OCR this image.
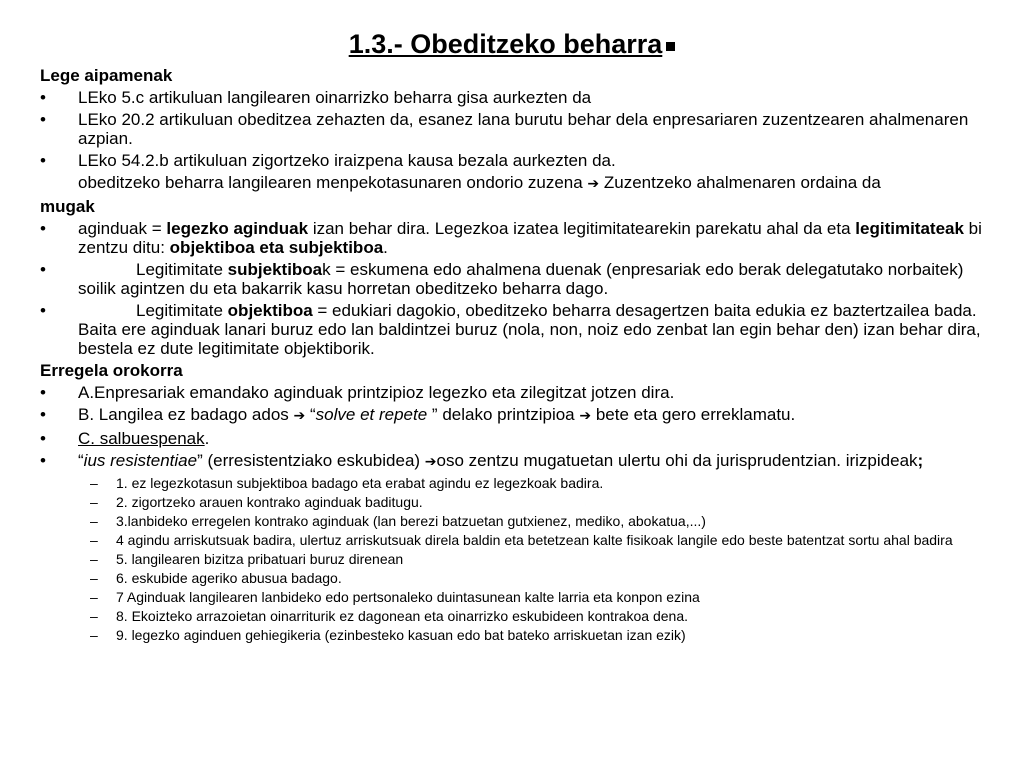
1.3.- Obeditzeko beharra
Lege aipamenak
•	LEko 5.c artikuluan langilearen oinarrizko beharra gisa aurkezten da
•	LEko 20.2 artikuluan obeditzea zehazten da, esanez lana burutu behar dela enpresariaren zuzentzearen ahalmenaren azpian.
•	LEko 54.2.b artikuluan zigortzeko iraizpena kausa bezala aurkezten da.
obeditzeko beharra langilearen menpekotasunaren ondorio zuzena ➔ Zuzentzeko ahalmenaren ordaina da
mugak
•	aginduak = legezko aginduak izan behar dira. Legezkoa izatea legitimitatearekin parekatu ahal da eta legitimitateak bi zentzu ditu: objektiboa eta subjektiboa.
•	Legitimitate subjektiboak = eskumena edo ahalmena duenak (enpresariak edo berak delegatutako norbaitek) soilik agintzen du eta bakarrik kasu horretan obeditzeko beharra dago.
•	Legitimitate objektiboa = edukiari dagokio, obeditzeko beharra desagertzen baita edukia ez baztertzailea bada. Baita ere aginduak lanari buruz edo lan baldintzei buruz (nola, non, noiz edo zenbat lan egin behar den) izan behar dira, bestela ez dute legitimitate objektiborik.
Erregela orokorra
•	A.Enpresariak emandako aginduak printzipioz legezko eta zilegitzat jotzen dira.
•	B. Langilea ez badago ados ➔ “solve et repete ” delako printzipioa ➔ bete eta gero erreklamatu.
•	C. salbuespenak.
•	“ius resistentiae” (erresistentziako eskubidea) ➔oso zentzu mugatuetan ulertu ohi da jurisprudentzian. irizpideak;
–	1. ez legezkotasun subjektiboa badago eta erabat agindu ez legezkoak badira.
–	2. zigortzeko arauen kontrako aginduak baditugu.
–	3.lanbideko erregelen kontrako aginduak (lan berezi batzuetan gutxienez, mediko, abokatua,...)
–	4 agindu arriskutsuak badira, ulertuz arriskutsuak direla baldin eta betetzean kalte fisikoak langile edo beste batentzat sortu ahal badira
–	5. langilearen bizitza pribatuari buruz direnean
–	6. eskubide ageriko abusua badago.
–	7 Aginduak langilearen lanbideko edo pertsonaleko duintasunean kalte larria eta konpon ezina
–	8. Ekoizteko arrazoietan oinarriturik ez dagonean eta oinarrizko eskubideen kontrakoa dena.
–	9. legezko aginduen gehiegikeria (ezinbesteko kasuan edo bat bateko arriskuetan izan ezik)
